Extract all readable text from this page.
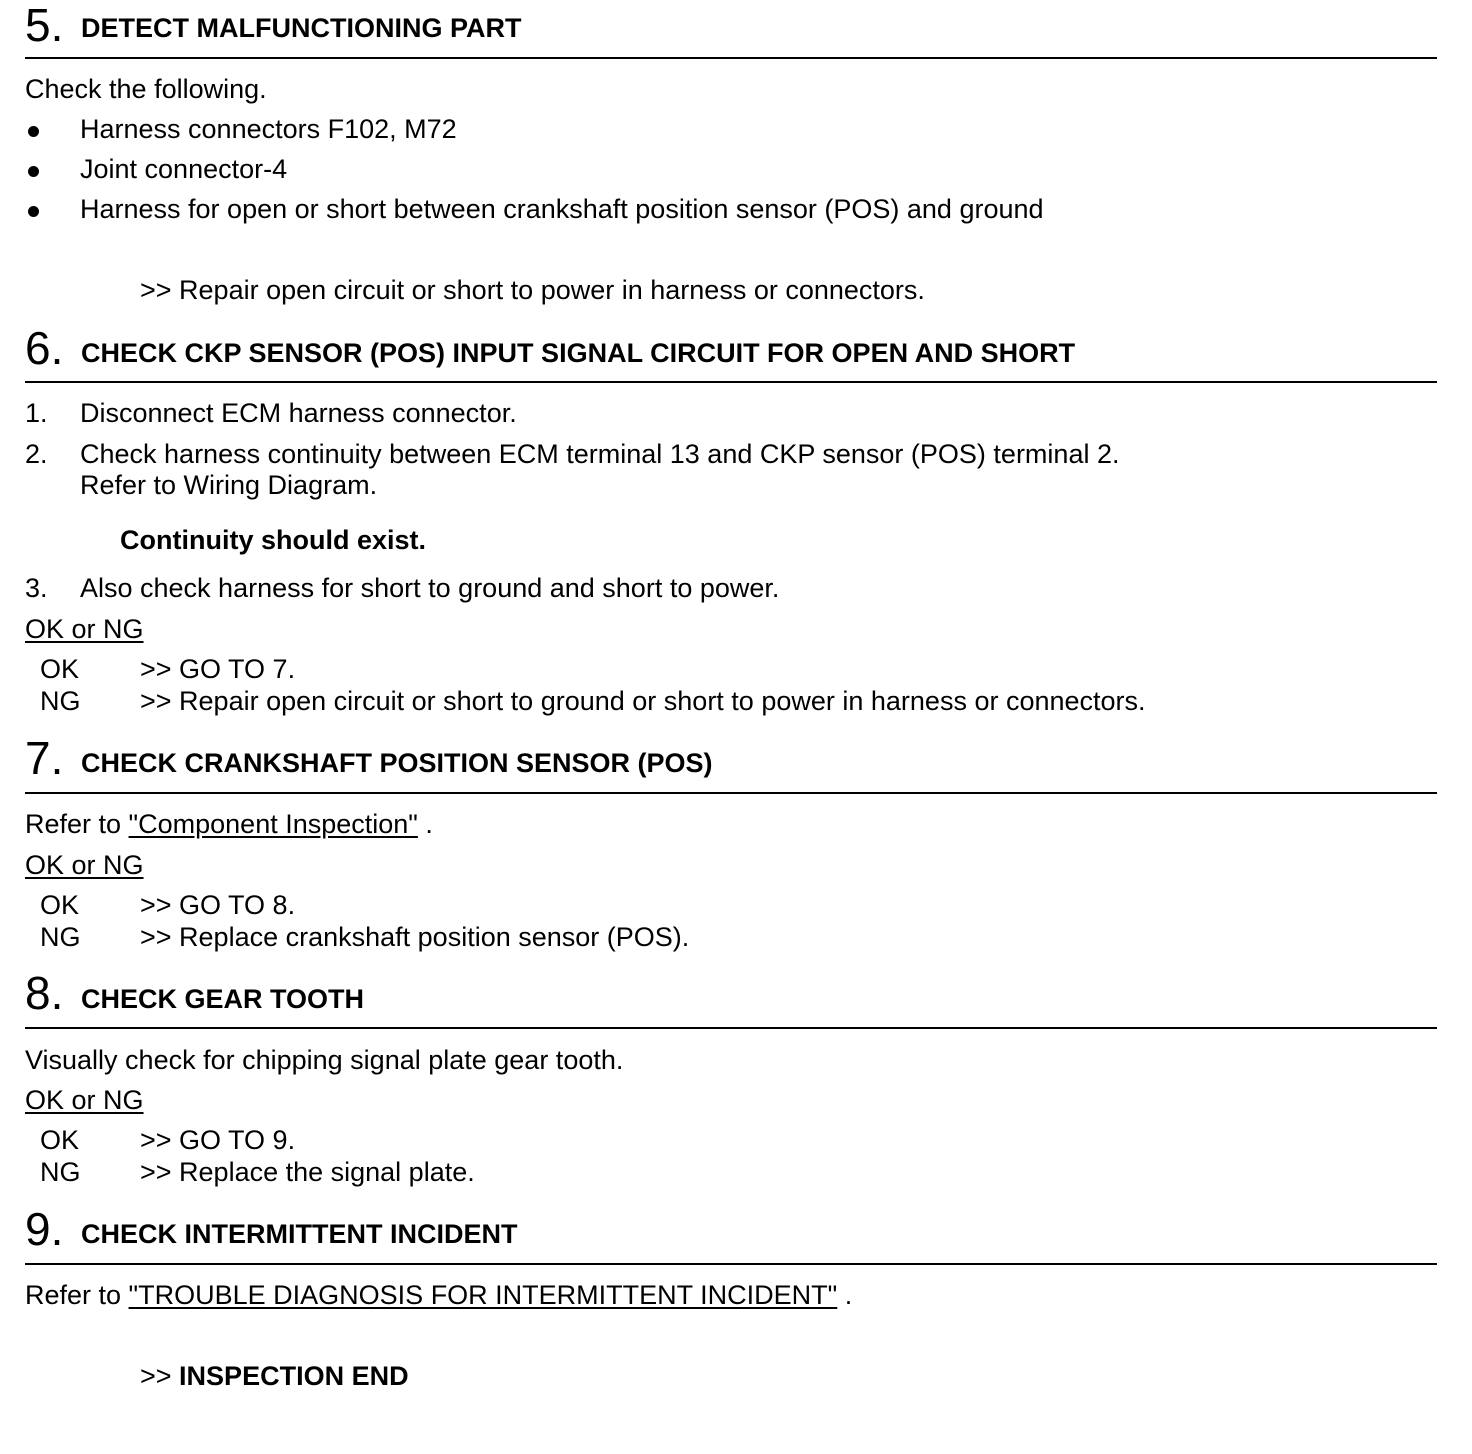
5. DETECT MALFUNCTIONING PART
Check the following.
Harness connectors F102, M72
Joint connector-4
Harness for open or short between crankshaft position sensor (POS) and ground
>> Repair open circuit or short to power in harness or connectors.
6. CHECK CKP SENSOR (POS) INPUT SIGNAL CIRCUIT FOR OPEN AND SHORT
1. Disconnect ECM harness connector.
2. Check harness continuity between ECM terminal 13 and CKP sensor (POS) terminal 2.
Refer to Wiring Diagram.
Continuity should exist.
3. Also check harness for short to ground and short to power.
OK or NG
OK >> GO TO 7.
NG >> Repair open circuit or short to ground or short to power in harness or connectors.
7. CHECK CRANKSHAFT POSITION SENSOR (POS)
Refer to "Component Inspection" .
OK or NG
OK >> GO TO 8.
NG >> Replace crankshaft position sensor (POS).
8. CHECK GEAR TOOTH
Visually check for chipping signal plate gear tooth.
OK or NG
OK >> GO TO 9.
NG >> Replace the signal plate.
9. CHECK INTERMITTENT INCIDENT
Refer to "TROUBLE DIAGNOSIS FOR INTERMITTENT INCIDENT" .
>> INSPECTION END
